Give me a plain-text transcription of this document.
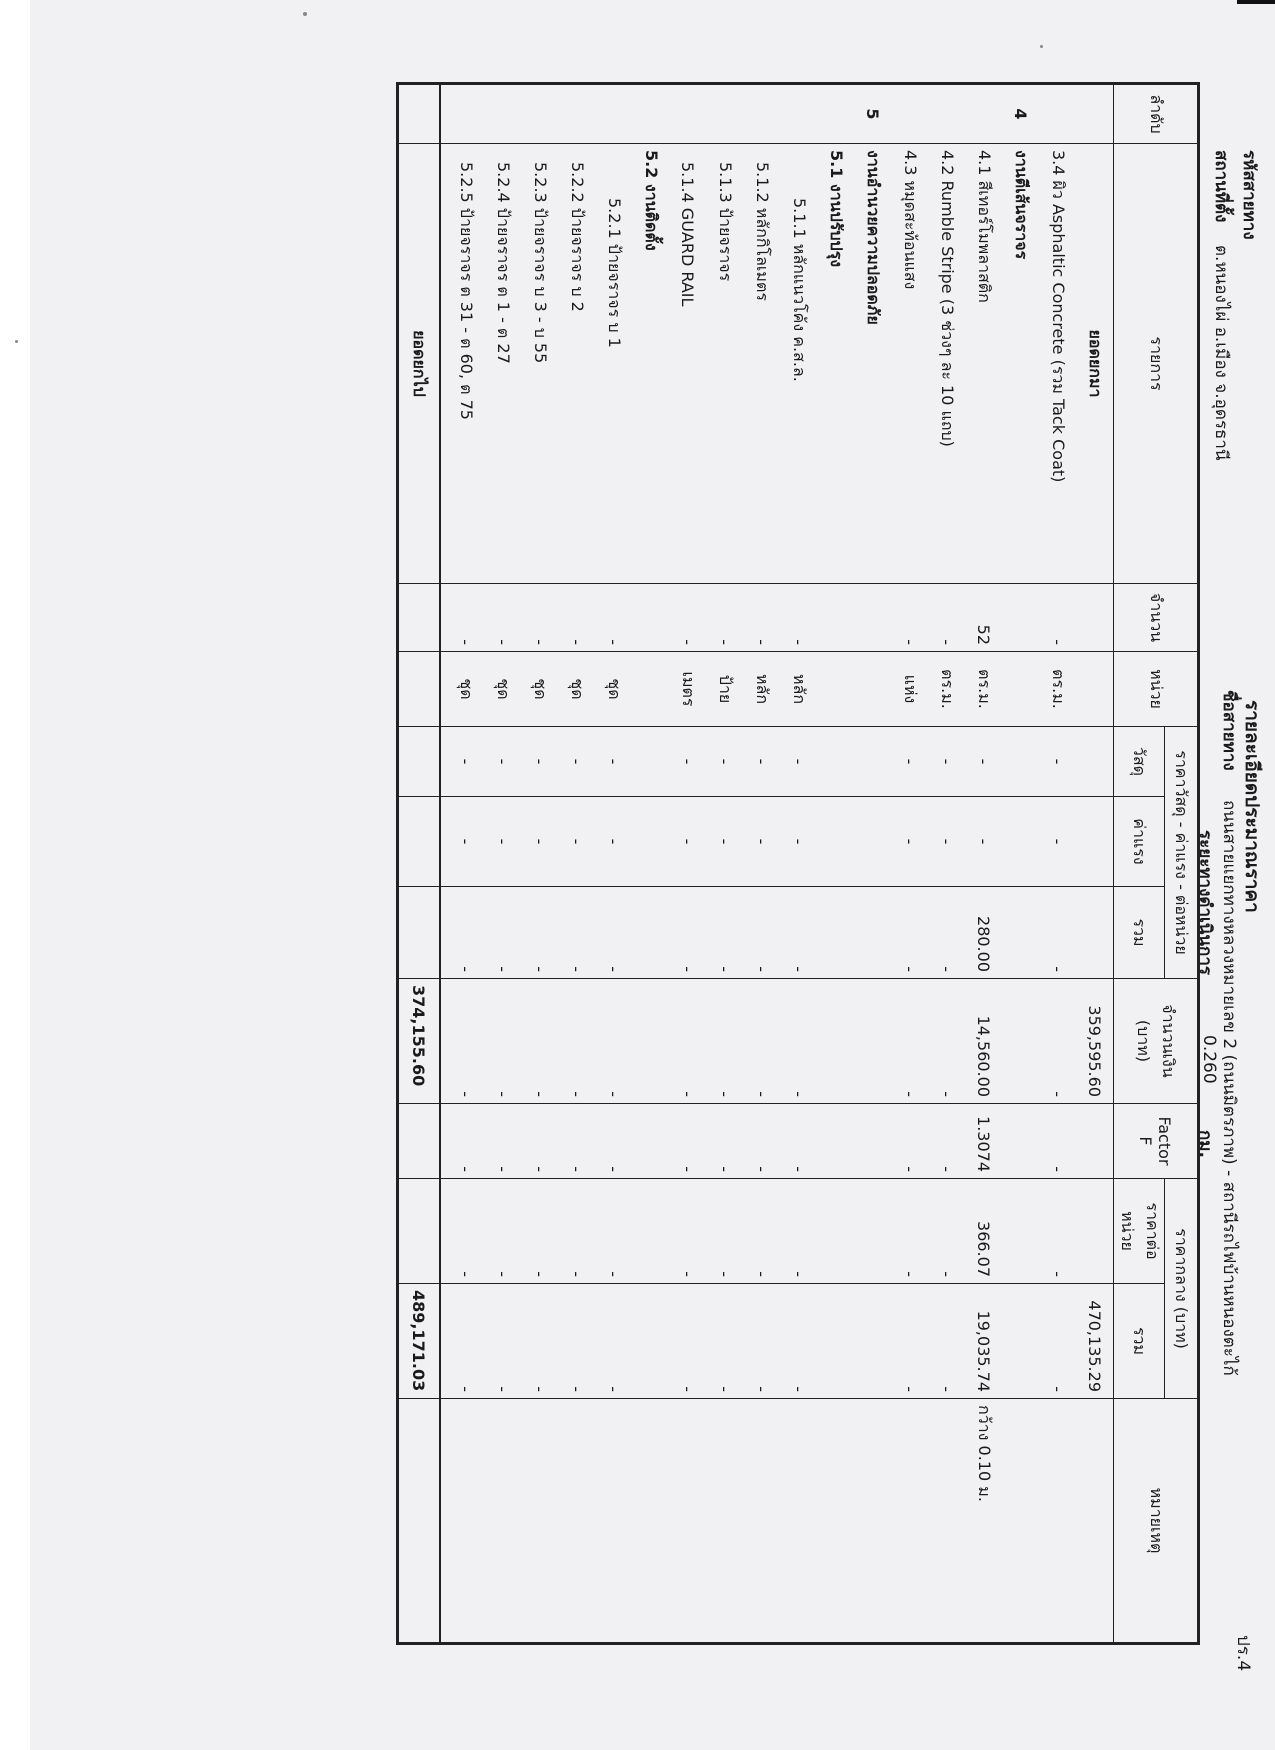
ปร.4
รายละเอียดประมาณราคา
รหัสสายทาง
สถานที่ตั้ง
ต.หนองไผ่ อ.เมือง จ.อุดรธานี
ชื่อสายทาง
ถนนสายแยกทางหลวงหมายเลข 2 (ถนนมิตรภาพ) - สถานีรถไฟบ้านหนองตะไก้
ระยะทางดำเนินการ
0.260
กม.
ลำดับ	รายการ	จำนวน	หน่วย	ราคาวัสดุ - ค่าแรง - ต่อหน่วย			จำนวนเงิน
(บาท)	Factor F	ราคากลาง (บาท)		หมายเหตุ
				วัสดุ	ค่าแรง	รวม			ราคาต่อหน่วย	รวม	
	ยอดยกมา						359,595.60			470,135.29	
	3.4 ผิว Asphaltic Concrete (รวม Tack Coat)	-	ตร.ม.	-	-	-	-	-	-	-	
4	งานตีเส้นจราจร										
	4.1 สีเทอร์โมพลาสติก	52	ตร.ม.	-	-	280.00	14,560.00	1.3074	366.07	19,035.74	กว้าง 0.10 ม.
	4.2 Rumble Stripe (3 ช่วงๆ ละ 10 แถบ)	-	ตร.ม.	-	-	-	-	-	-	-	
	4.3 หมุดสะท้อนแสง	-	แห่ง	-	-	-	-	-	-	-	
5	งานอำนวยความปลอดภัย										
	5.1 งานปรับปรุง										
	5.1.1 หลักแนวโค้ง ค.ส.ล.	-	หลัก	-	-	-	-	-	-	-	
	5.1.2 หลักกิโลเมตร	-	หลัก	-	-	-	-	-	-	-	
	5.1.3 ป้ายจราจร	-	ป้าย	-	-	-	-	-	-	-	
	5.1.4 GUARD RAIL	-	เมตร	-	-	-	-	-	-	-	
	5.2 งานติดตั้ง										
	5.2.1 ป้ายจราจร บ 1	-	ชุด	-	-	-	-	-	-	-	
	5.2.2 ป้ายจราจร บ 2	-	ชุด	-	-	-	-	-	-	-	
	5.2.3 ป้ายจราจร บ 3 - บ 55	-	ชุด	-	-	-	-	-	-	-	
	5.2.4 ป้ายจราจร ต 1 - ต 27	-	ชุด	-	-	-	-	-	-	-	
	5.2.5 ป้ายจราจร ต 31 - ต 60, ต 75	-	ชุด	-	-	-	-	-	-	-	

	ยอดยกไป						374,155.60			489,171.03	
